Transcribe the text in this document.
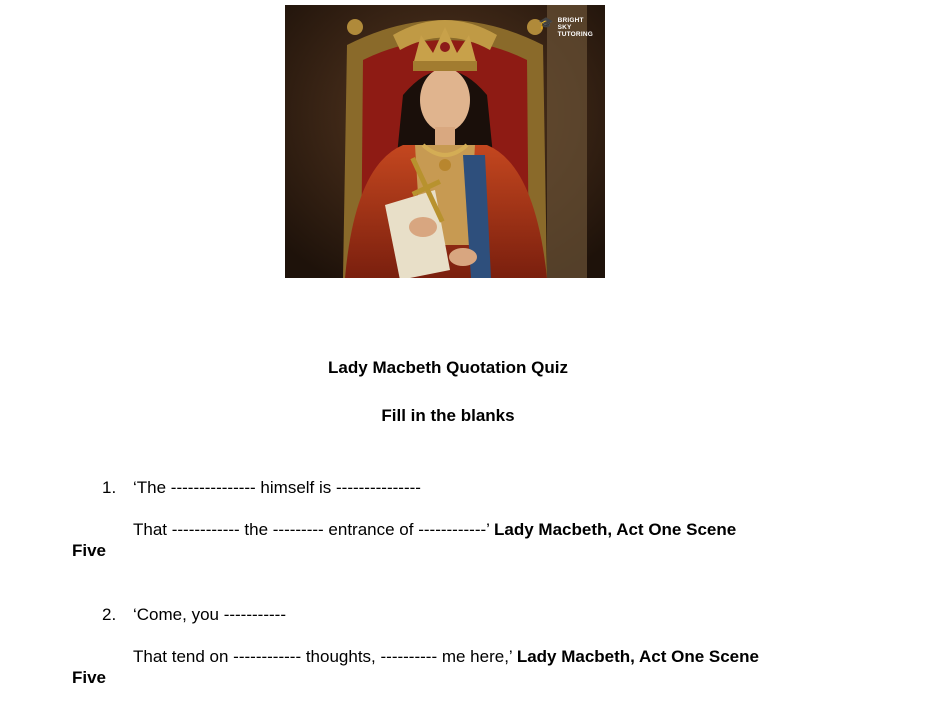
🎓 BRIGHT
SKY
TUTORING
Lady Macbeth Quotation Quiz
Fill in the blanks
1. ‘The --------------- himself is ---------------
That ------------ the --------- entrance of ------------’ Lady Macbeth, Act One Scene
Five
2. ‘Come, you -----------
That tend on ------------ thoughts, ---------- me here,’ Lady Macbeth, Act One Scene
Five
